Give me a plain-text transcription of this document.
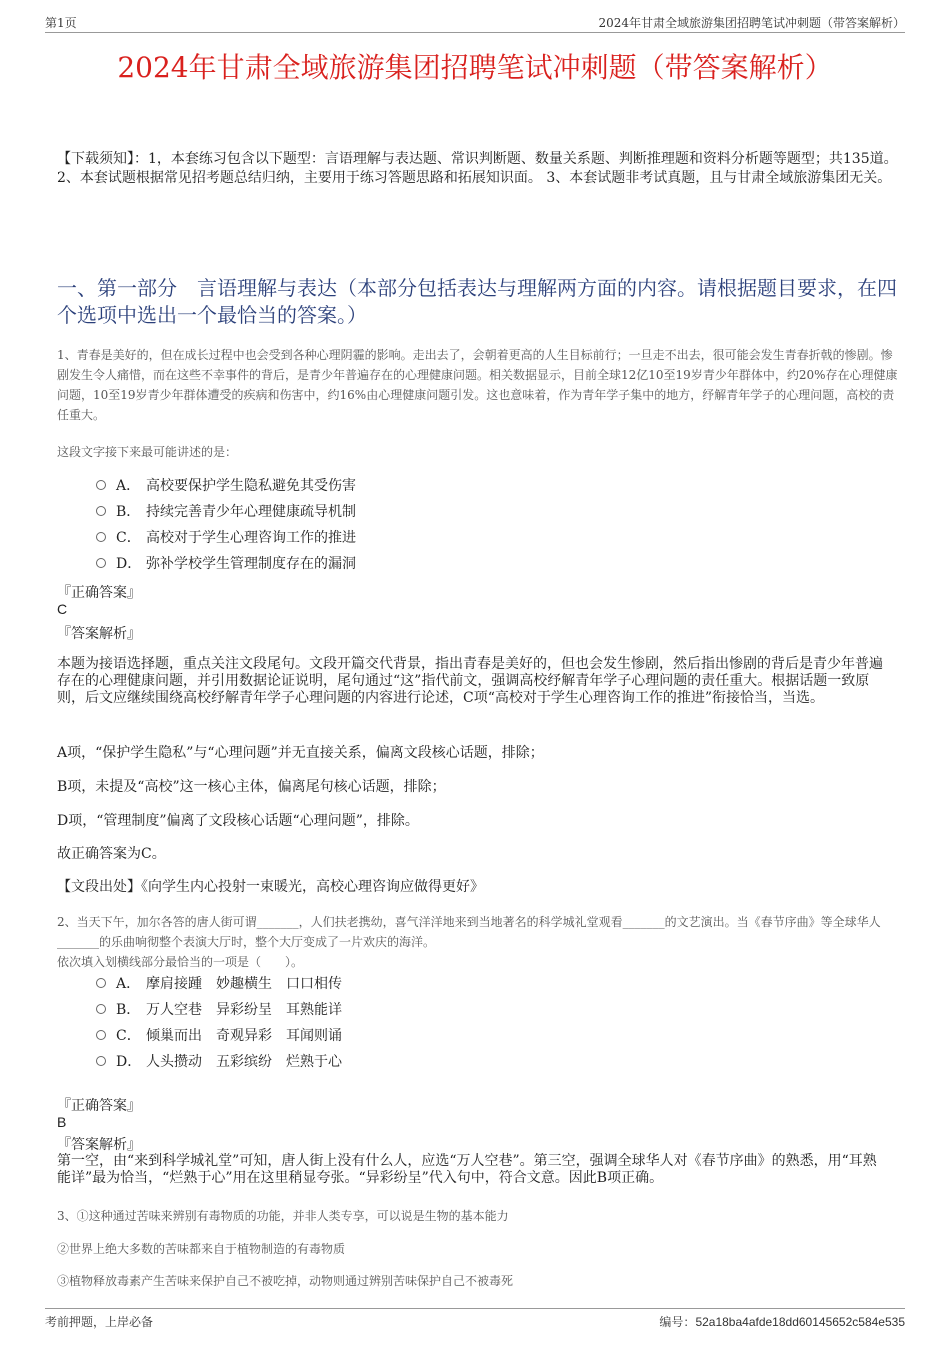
第1页	2024年甘肃全域旅游集团招聘笔试冲刺题（带答案解析）
2024年甘肃全域旅游集团招聘笔试冲刺题（带答案解析）
【下载须知】：1，本套练习包含以下题型：言语理解与表达题、常识判断题、数量关系题、判断推理题和资料分析题等题型；共135道。 2、本套试题根据常见招考题总结归纳，主要用于练习答题思路和拓展知识面。 3、本套试题非考试真题，且与甘肃全域旅游集团无关。
一、第一部分　言语理解与表达（本部分包括表达与理解两方面的内容。请根据题目要求，在四个选项中选出一个最恰当的答案。）
1、青春是美好的，但在成长过程中也会受到各种心理阴霾的影响。走出去了，会朝着更高的人生目标前行；一旦走不出去，很可能会发生青春折戟的惨剧。惨剧发生令人痛惜，而在这些不幸事件的背后，是青少年普遍存在的心理健康问题。相关数据显示，目前全球12亿10至19岁青少年群体中，约20%存在心理健康问题，10至19岁青少年群体遭受的疾病和伤害中，约16%由心理健康问题引发。这也意味着，作为青年学子集中的地方，纾解青年学子的心理问题，高校的责任重大。
这段文字接下来最可能讲述的是：
A． 高校要保护学生隐私避免其受伤害
B． 持续完善青少年心理健康疏导机制
C． 高校对于学生心理咨询工作的推进
D． 弥补学校学生管理制度存在的漏洞
『正确答案』
C
『答案解析』
本题为接语选择题，重点关注文段尾句。文段开篇交代背景，指出青春是美好的，但也会发生惨剧，然后指出惨剧的背后是青少年普遍存在的心理健康问题，并引用数据论证说明，尾句通过“这”指代前文，强调高校纾解青年学子心理问题的责任重大。根据话题一致原则，后文应继续围绕高校纾解青年学子心理问题的内容进行论述，C项“高校对于学生心理咨询工作的推进”衔接恰当，当选。
A项，“保护学生隐私”与“心理问题”并无直接关系，偏离文段核心话题，排除；
B项，未提及“高校”这一核心主体，偏离尾句核心话题，排除；
D项，“管理制度”偏离了文段核心话题“心理问题”，排除。
故正确答案为C。
【文段出处】《向学生内心投射一束暖光，高校心理咨询应做得更好》
2、当天下午，加尔各答的唐人街可谓_______，人们扶老携幼，喜气洋洋地来到当地著名的科学城礼堂观看_______的文艺演出。当《春节序曲》等全球华人_______的乐曲响彻整个表演大厅时，整个大厅变成了一片欢庆的海洋。
依次填入划横线部分最恰当的一项是（　　）。
A． 摩肩接踵　妙趣横生　口口相传
B． 万人空巷　异彩纷呈　耳熟能详
C． 倾巢而出　奇观异彩　耳闻则诵
D． 人头攒动　五彩缤纷　烂熟于心
『正确答案』
B
『答案解析』
第一空，由“来到科学城礼堂”可知，唐人街上没有什么人，应选“万人空巷”。第三空，强调全球华人对《春节序曲》的熟悉，用“耳熟能详”最为恰当，“烂熟于心”用在这里稍显夸张。“异彩纷呈”代入句中，符合文意。因此B项正确。
3、①这种通过苦味来辨别有毒物质的功能，并非人类专享，可以说是生物的基本能力
②世界上绝大多数的苦味都来自于植物制造的有毒物质
③植物释放毒素产生苦味来保护自己不被吃掉，动物则通过辨别苦味保护自己不被毒死
考前押题，上岸必备	编号：52a18ba4afde18dd60145652c584e535
